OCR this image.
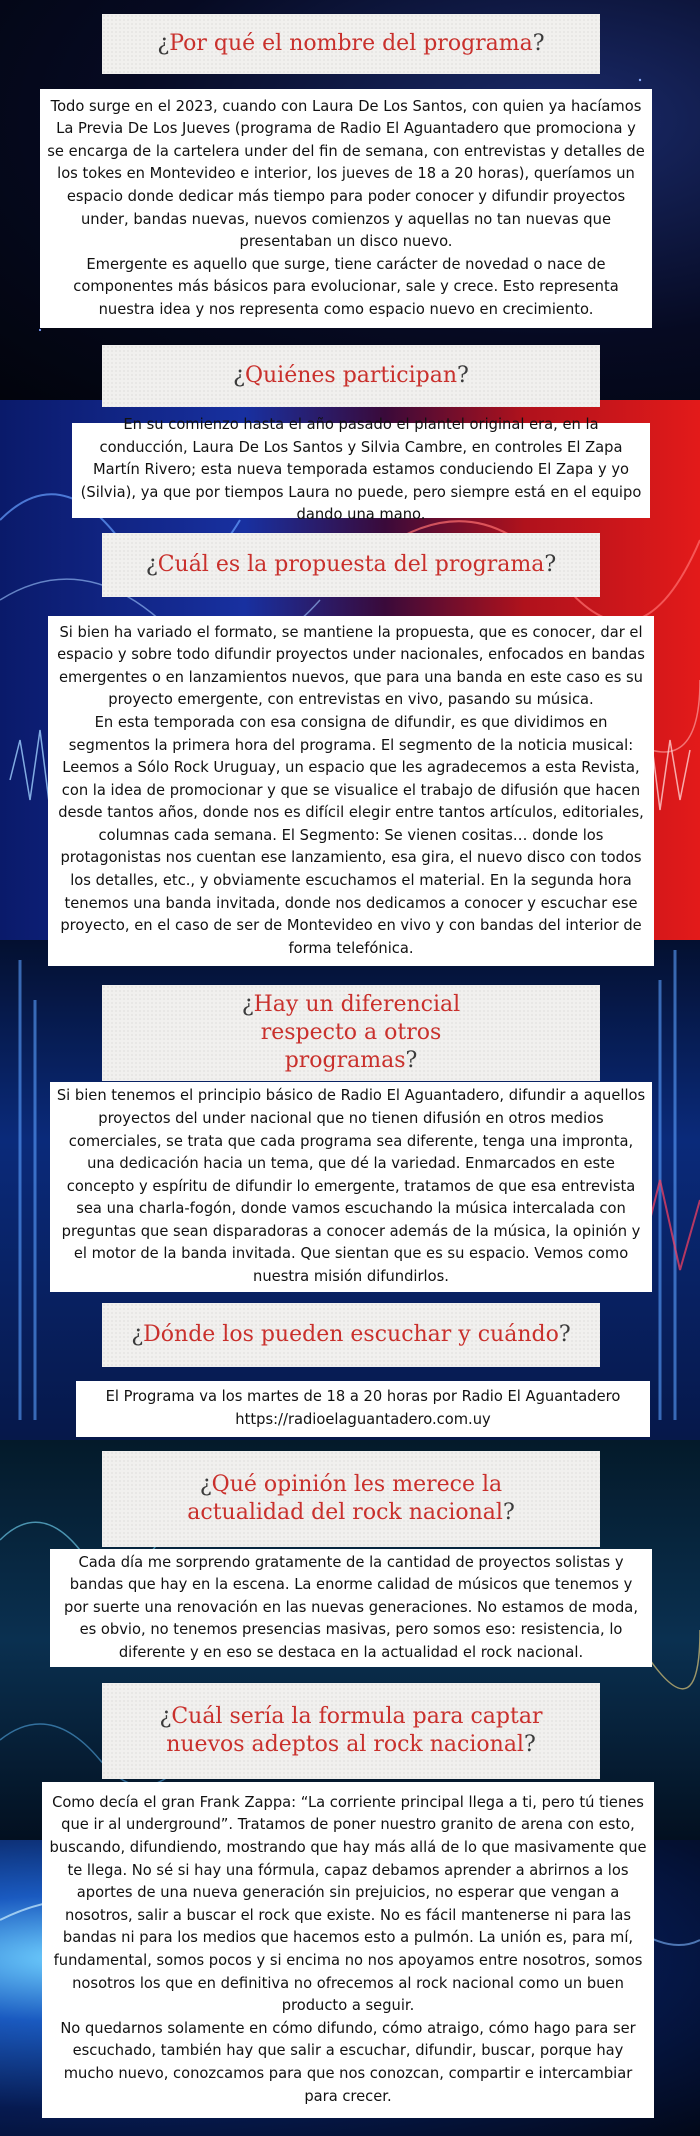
¿Por qué el nombre del programa?

Todo surge en el 2023, cuando con Laura De Los Santos, con quien ya hacíamos La Previa De Los Jueves (programa de Radio El Aguantadero que promociona y se encarga de la cartelera under del fin de semana, con entrevistas y detalles de los tokes en Montevideo e interior, los jueves de 18 a 20 horas), queríamos un espacio donde dedicar más tiempo para poder conocer y difundir proyectos under, bandas nuevas, nuevos comienzos y aquellas no tan nuevas que presentaban un disco nuevo.

Emergente es aquello que surge, tiene carácter de novedad o nace de componentes más básicos para evolucionar, sale y crece. Esto representa nuestra idea y nos representa como espacio nuevo en crecimiento.

¿Quiénes participan?

En su comienzo hasta el año pasado el plantel original era, en la conducción, Laura De Los Santos y Silvia Cambre, en controles El Zapa Martín Rivero; esta nueva temporada estamos conduciendo El Zapa y yo (Silvia), ya que por tiempos Laura no puede, pero siempre está en el equipo dando una mano.

¿Cuál es la propuesta del programa?

Si bien ha variado el formato, se mantiene la propuesta, que es conocer, dar el espacio y sobre todo difundir proyectos under nacionales, enfocados en bandas emergentes o en lanzamientos nuevos, que para una banda en este caso es su proyecto emergente, con entrevistas en vivo, pasando su música.

En esta temporada con esa consigna de difundir, es que dividimos en segmentos la primera hora del programa. El segmento de la noticia musical: Leemos a Sólo Rock Uruguay, un espacio que les agradecemos a esta Revista, con la idea de promocionar y que se visualice el trabajo de difusión que hacen desde tantos años, donde nos es difícil elegir entre tantos artículos, editoriales, columnas cada semana. El Segmento: Se vienen cositas… donde los protagonistas nos cuentan ese lanzamiento, esa gira, el nuevo disco con todos los detalles, etc., y obviamente escuchamos el material. En la segunda hora tenemos una banda invitada, donde nos dedicamos a conocer y escuchar ese proyecto, en el caso de ser de Montevideo en vivo y con bandas del interior de forma telefónica.

¿Hay un diferencial respecto a otros programas?

Si bien tenemos el principio básico de Radio El Aguantadero, difundir a aquellos proyectos del under nacional que no tienen difusión en otros medios comerciales, se trata que cada programa sea diferente, tenga una impronta, una dedicación hacia un tema, que dé la variedad. Enmarcados en este concepto y espíritu de difundir lo emergente, tratamos de que esa entrevista sea una charla-fogón, donde vamos escuchando la música intercalada con preguntas que sean disparadoras a conocer además de la música, la opinión y el motor de la banda invitada. Que sientan que es su espacio. Vemos como nuestra misión difundirlos.

¿Dónde los pueden escuchar y cuándo?

El Programa va los martes de 18 a 20 horas por Radio El Aguantadero

https://radioelaguantadero.com.uy

¿Qué opinión les merece la actualidad del rock nacional?

Cada día me sorprendo gratamente de la cantidad de proyectos solistas y bandas que hay en la escena. La enorme calidad de músicos que tenemos y por suerte una renovación en las nuevas generaciones. No estamos de moda, es obvio, no tenemos presencias masivas, pero somos eso: resistencia, lo diferente y en eso se destaca en la actualidad el rock nacional.

¿Cuál sería la formula para captar nuevos adeptos al rock nacional?

Como decía el gran Frank Zappa: “La corriente principal llega a ti, pero tú tienes que ir al underground”. Tratamos de poner nuestro granito de arena con esto, buscando, difundiendo, mostrando que hay más allá de lo que masivamente que te llega. No sé si hay una fórmula, capaz debamos aprender a abrirnos a los aportes de una nueva generación sin prejuicios, no esperar que vengan a nosotros, salir a buscar el rock que existe. No es fácil mantenerse ni para las bandas ni para los medios que hacemos esto a pulmón. La unión es, para mí, fundamental, somos pocos y si encima no nos apoyamos entre nosotros, somos nosotros los que en definitiva no ofrecemos al rock nacional como un buen producto a seguir.

No quedarnos solamente en cómo difundo, cómo atraigo, cómo hago para ser escuchado, también hay que salir a escuchar, difundir, buscar, porque hay mucho nuevo, conozcamos para que nos conozcan, compartir e intercambiar para crecer.
